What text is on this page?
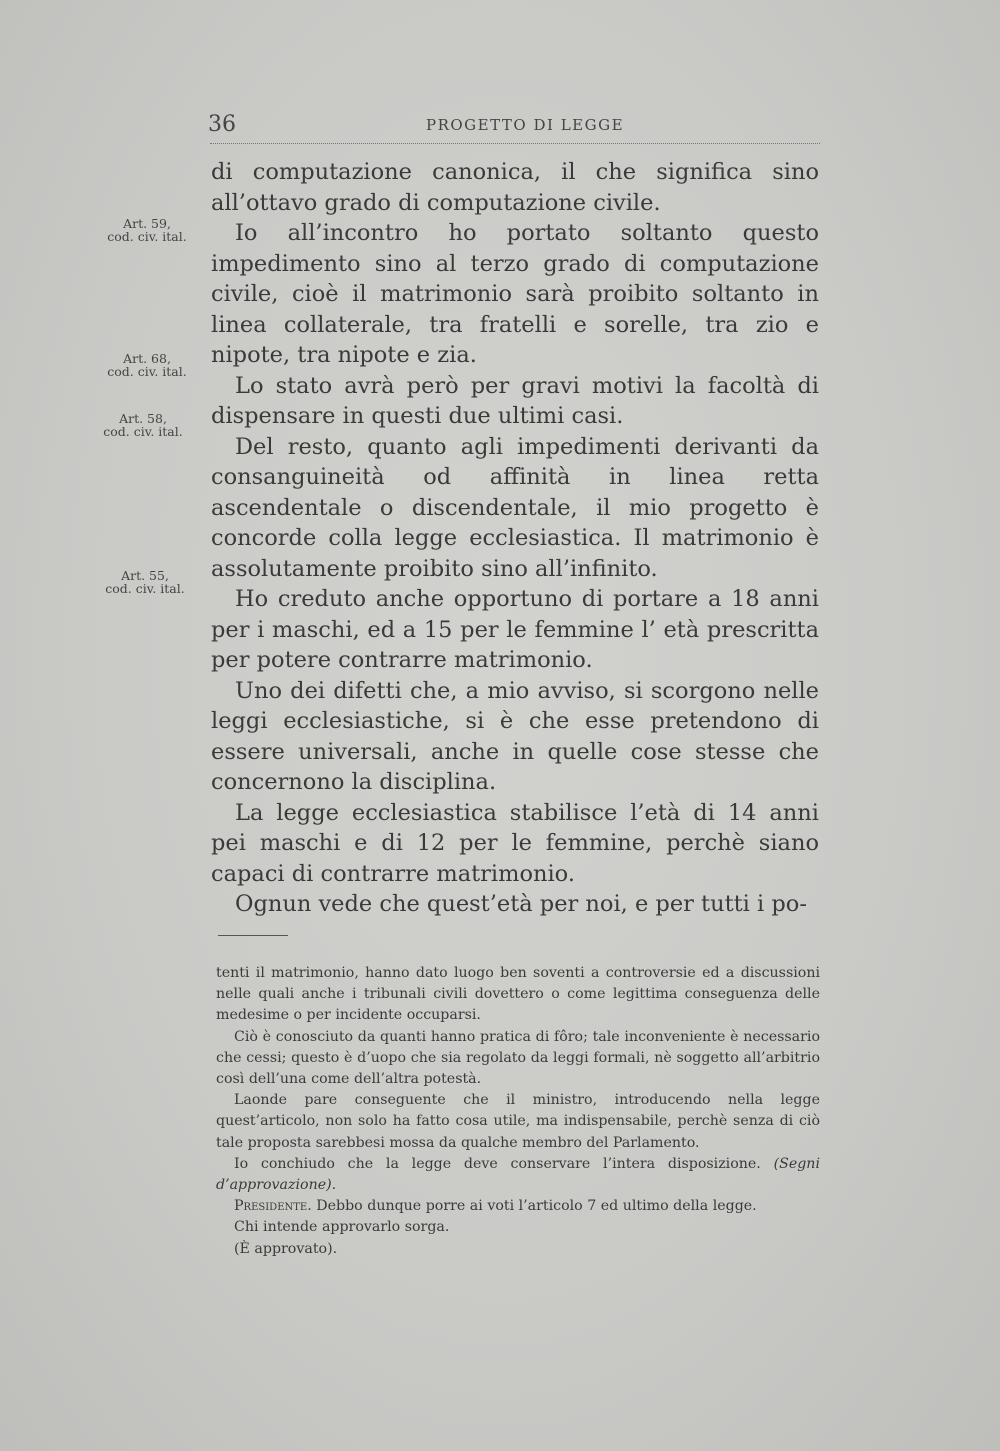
36	PROGETTO DI LEGGE
Art. 59,
cod. civ. ital.
Art. 68,
cod. civ. ital.
Art. 58,
cod. civ. ital.
Art. 55,
cod. civ. ital.

di computazione canonica, il che significa sino all’ottavo grado di computazione civile.

Io all’incontro ho portato soltanto questo impedimento sino al terzo grado di computazione civile, cioè il matrimonio sarà proibito soltanto in linea collaterale, tra fratelli e sorelle, tra zio e nipote, tra nipote e zia.

Lo stato avrà però per gravi motivi la facoltà di dispensare in questi due ultimi casi.

Del resto, quanto agli impedimenti derivanti da consanguineità od affinità in linea retta ascendentale o discendentale, il mio progetto è concorde colla legge ecclesiastica. Il matrimonio è assolutamente proibito sino all’infinito.

Ho creduto anche opportuno di portare a 18 anni per i maschi, ed a 15 per le femmine l’ età prescritta per potere contrarre matrimonio.

Uno dei difetti che, a mio avviso, si scorgono nelle leggi ecclesiastiche, si è che esse pretendono di essere universali, anche in quelle cose stesse che concernono la disciplina.

La legge ecclesiastica stabilisce l’età di 14 anni pei maschi e di 12 per le femmine, perchè siano capaci di contrarre matrimonio.

Ognun vede che quest’età per noi, e per tutti i po-

tenti il matrimonio, hanno dato luogo ben soventi a controversie ed a discussioni nelle quali anche i tribunali civili dovettero o come legittima conseguenza delle medesime o per incidente occuparsi.

Ciò è conosciuto da quanti hanno pratica di fôro; tale inconveniente è necessario che cessi; questo è d’uopo che sia regolato da leggi formali, nè soggetto all’arbitrio così dell’una come dell’altra potestà.

Laonde pare conseguente che il ministro, introducendo nella legge quest’articolo, non solo ha fatto cosa utile, ma indispensabile, perchè senza di ciò tale proposta sarebbesi mossa da qualche membro del Parlamento.

Io conchiudo che la legge deve conservare l’intera disposizione. (Segni d’approvazione).

Presidente. Debbo dunque porre ai voti l’articolo 7 ed ultimo della legge.

Chi intende approvarlo sorga.

(È approvato).
